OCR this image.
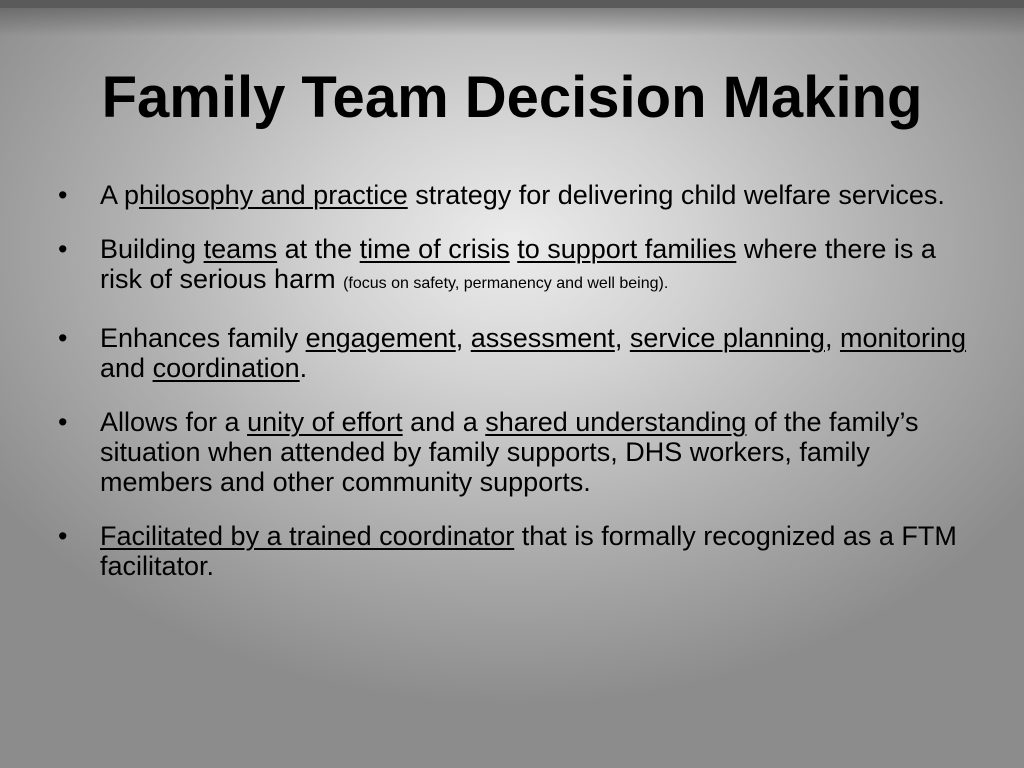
Family Team Decision Making
•	A philosophy and practice strategy for delivering child welfare services.
•	Building teams at the time of crisis to support families where there is a risk of serious harm (focus on safety, permanency and well being).
•	Enhances family engagement, assessment, service planning, monitoring and coordination.
•	Allows for a unity of effort and a shared understanding of the family’s situation when attended by family supports, DHS workers, family members and other community supports.
•	Facilitated by a trained coordinator that is formally recognized as a FTM facilitator.
